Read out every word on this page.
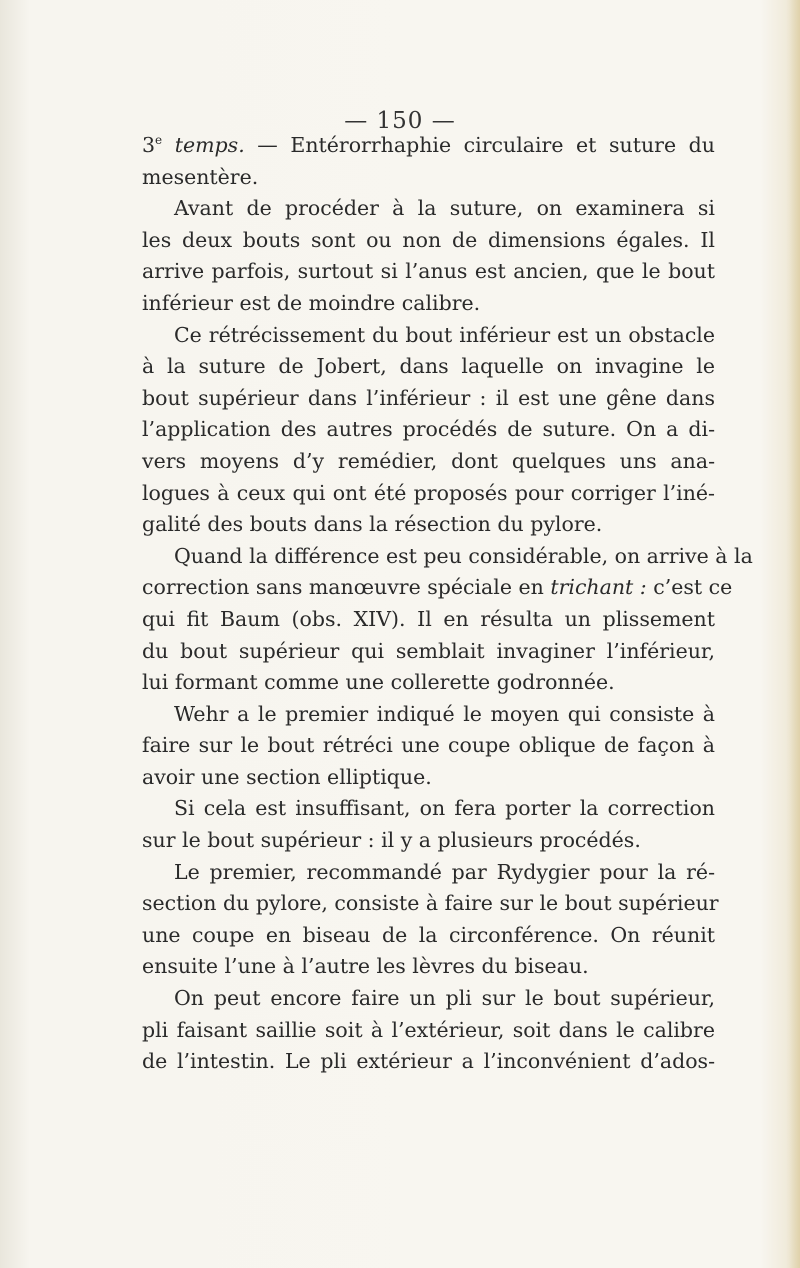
— 150 —
3e temps. — Entérorrhaphie circulaire et suture du
mesentère.
Avant de procéder à la suture, on examinera si
les deux bouts sont ou non de dimensions égales. Il
arrive parfois, surtout si l’anus est ancien, que le bout
inférieur est de moindre calibre.
Ce rétrécissement du bout inférieur est un obstacle
à la suture de Jobert, dans laquelle on invagine le
bout supérieur dans l’inférieur : il est une gêne dans
l’application des autres procédés de suture. On a di-
vers moyens d’y remédier, dont quelques uns ana-
logues à ceux qui ont été proposés pour corriger l’iné-
galité des bouts dans la résection du pylore.
Quand la différence est peu considérable, on arrive à la
correction sans manœuvre spéciale en trichant : c’est ce
qui fit Baum (obs. XIV). Il en résulta un plissement
du bout supérieur qui semblait invaginer l’inférieur,
lui formant comme une collerette godronnée.
Wehr a le premier indiqué le moyen qui consiste à
faire sur le bout rétréci une coupe oblique de façon à
avoir une section elliptique.
Si cela est insuffisant, on fera porter la correction
sur le bout supérieur : il y a plusieurs procédés.
Le premier, recommandé par Rydygier pour la ré-
section du pylore, consiste à faire sur le bout supérieur
une coupe en biseau de la circonférence. On réunit
ensuite l’une à l’autre les lèvres du biseau.
On peut encore faire un pli sur le bout supérieur,
pli faisant saillie soit à l’extérieur, soit dans le calibre
de l’intestin. Le pli extérieur a l’inconvénient d’ados-
